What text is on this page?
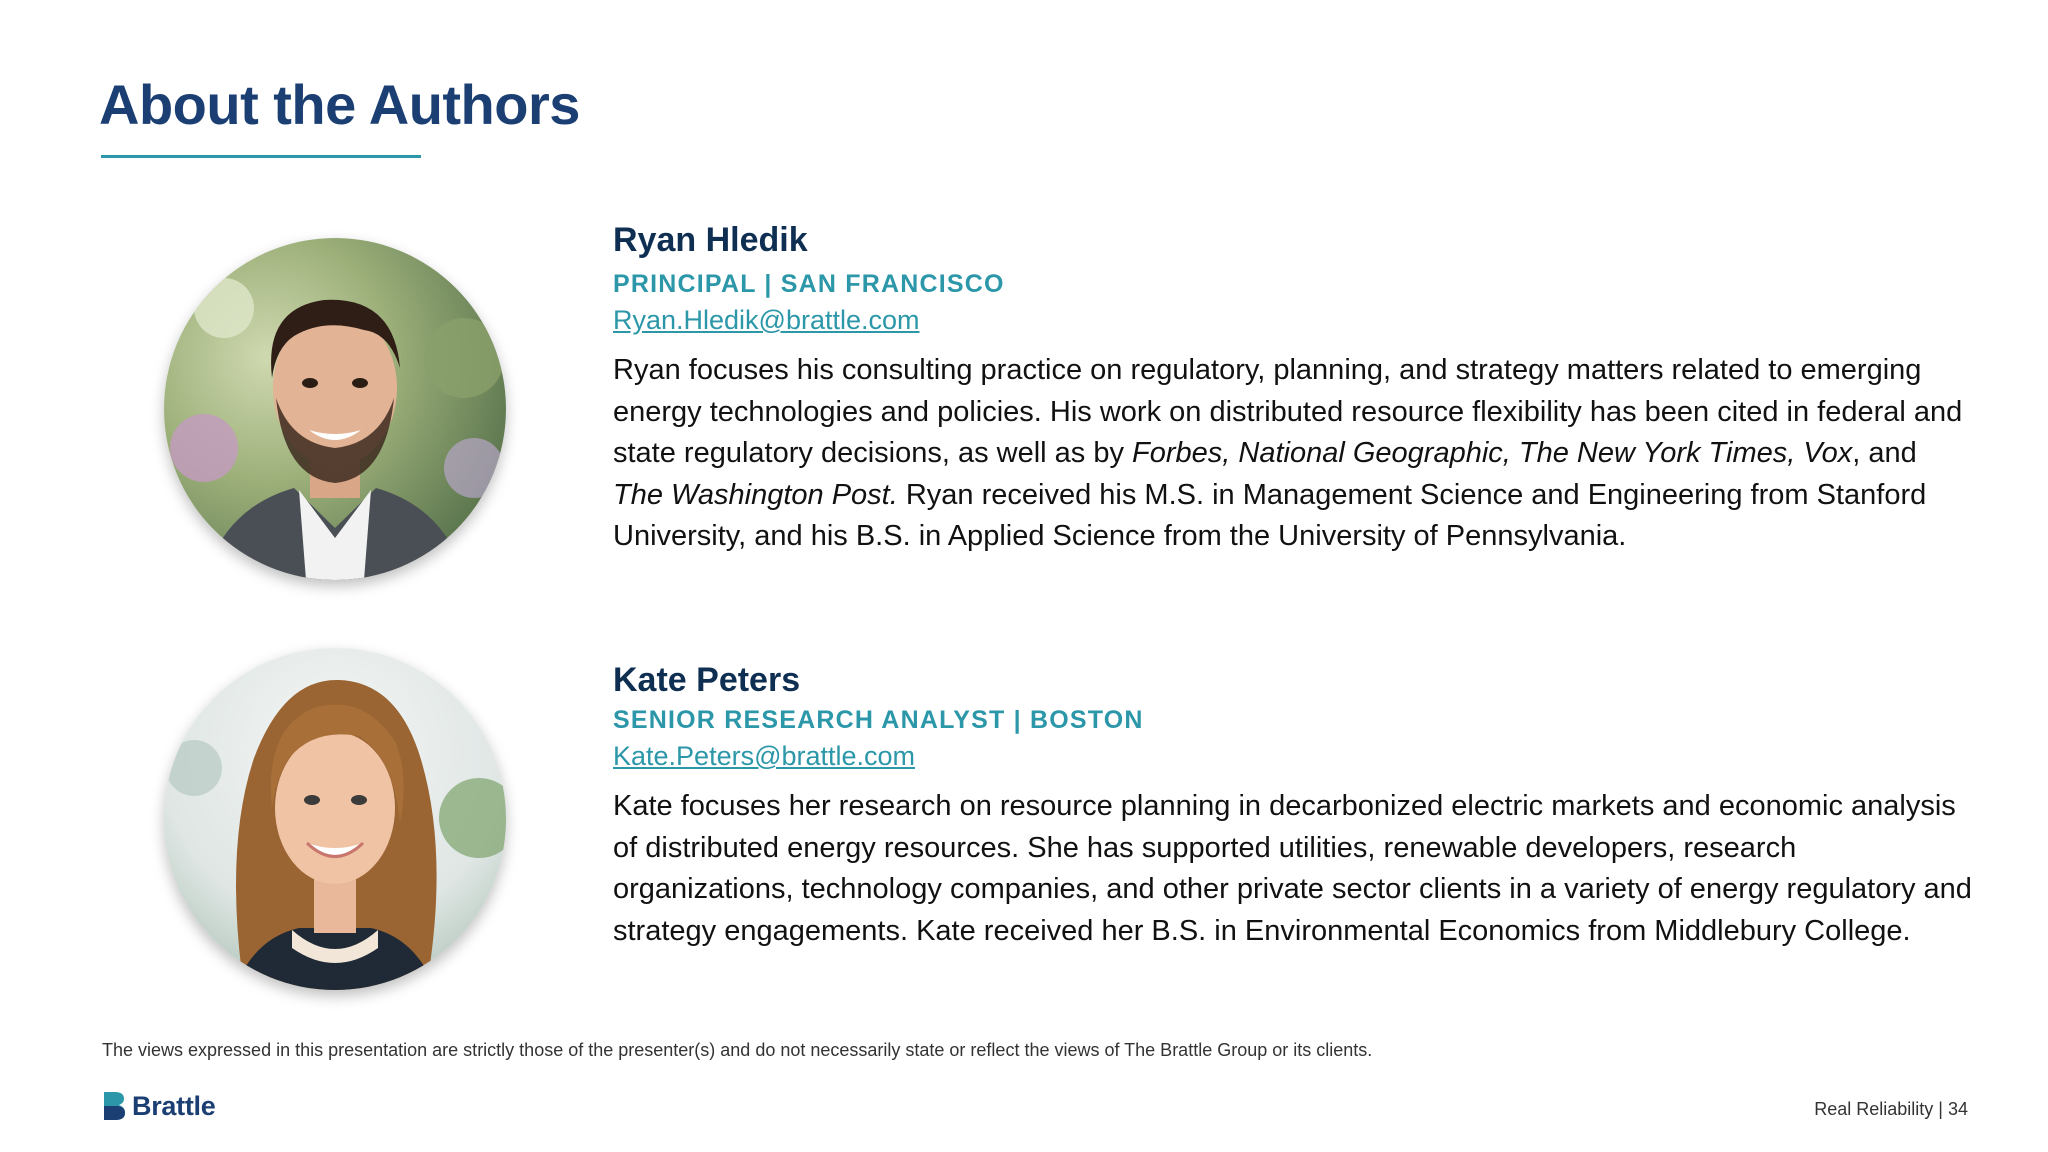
About the Authors
Ryan Hledik
PRINCIPAL | SAN FRANCISCO
Ryan.Hledik@brattle.com
Ryan focuses his consulting practice on regulatory, planning, and strategy matters related to emerging energy technologies and policies. His work on distributed resource flexibility has been cited in federal and state regulatory decisions, as well as by Forbes, National Geographic, The New York Times, Vox, and The Washington Post. Ryan received his M.S. in Management Science and Engineering from Stanford University, and his B.S. in Applied Science from the University of Pennsylvania.
Kate Peters
SENIOR RESEARCH ANALYST | BOSTON
Kate.Peters@brattle.com
Kate focuses her research on resource planning in decarbonized electric markets and economic analysis of distributed energy resources. She has supported utilities, renewable developers, research organizations, technology companies, and other private sector clients in a variety of energy regulatory and strategy engagements. Kate received her B.S. in Environmental Economics from Middlebury College.
The views expressed in this presentation are strictly those of the presenter(s) and do not necessarily state or reflect the views of The Brattle Group or its clients.
Brattle	Real Reliability | 34
